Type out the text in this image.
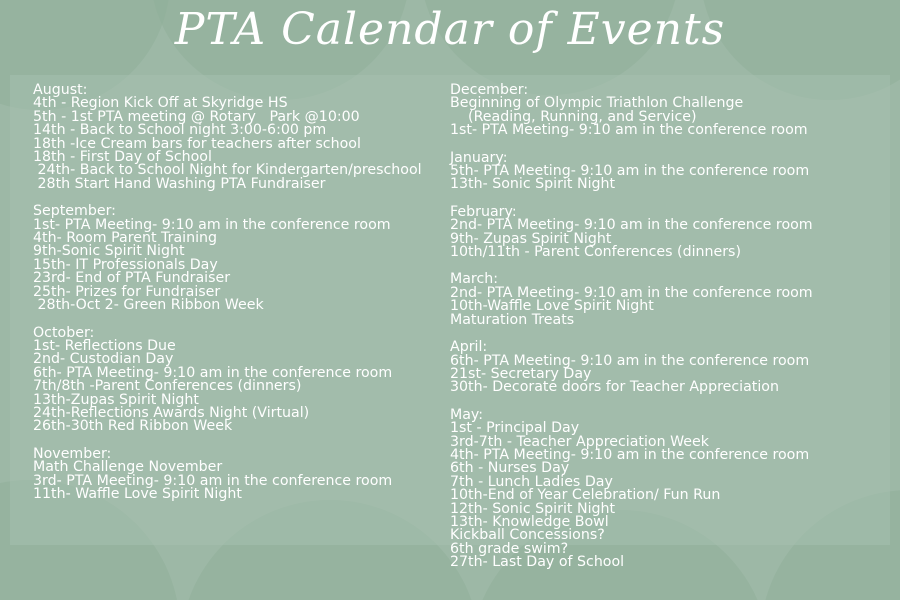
PTA Calendar of Events
August:
4th - Region Kick Off at Skyridge HS
5th - 1st PTA meeting @ Rotary   Park @10:00
14th - Back to School night 3:00-6:00 pm
18th -Ice Cream bars for teachers after school
18th - First Day of School
24th- Back to School Night for Kindergarten/preschool
28th Start Hand Washing PTA Fundraiser
September:
1st- PTA Meeting- 9:10 am in the conference room
4th- Room Parent Training
9th-Sonic Spirit Night
15th- IT Professionals Day
23rd- End of PTA Fundraiser
25th- Prizes for Fundraiser
28th-Oct 2- Green Ribbon Week
October:
1st- Reflections Due
2nd- Custodian Day
6th- PTA Meeting- 9:10 am in the conference room
7th/8th -Parent Conferences (dinners)
13th-Zupas Spirit Night
24th-Reflections Awards Night (Virtual)
26th-30th Red Ribbon Week
November:
Math Challenge November
3rd- PTA Meeting- 9:10 am in the conference room
11th- Waffle Love Spirit Night
December:
Beginning of Olympic Triathlon Challenge
(Reading, Running, and Service)
1st- PTA Meeting- 9:10 am in the conference room
January:
5th- PTA Meeting- 9:10 am in the conference room
13th- Sonic Spirit Night
February:
2nd- PTA Meeting- 9:10 am in the conference room
9th- Zupas Spirit Night
10th/11th - Parent Conferences (dinners)
March:
2nd- PTA Meeting- 9:10 am in the conference room
10th-Waffle Love Spirit Night
Maturation Treats
April:
6th- PTA Meeting- 9:10 am in the conference room
21st- Secretary Day
30th- Decorate doors for Teacher Appreciation
May:
1st - Principal Day
3rd-7th - Teacher Appreciation Week
4th- PTA Meeting- 9:10 am in the conference room
6th - Nurses Day
7th - Lunch Ladies Day
10th-End of Year Celebration/ Fun Run
12th- Sonic Spirit Night
13th- Knowledge Bowl
Kickball Concessions?
6th grade swim?
27th- Last Day of School
